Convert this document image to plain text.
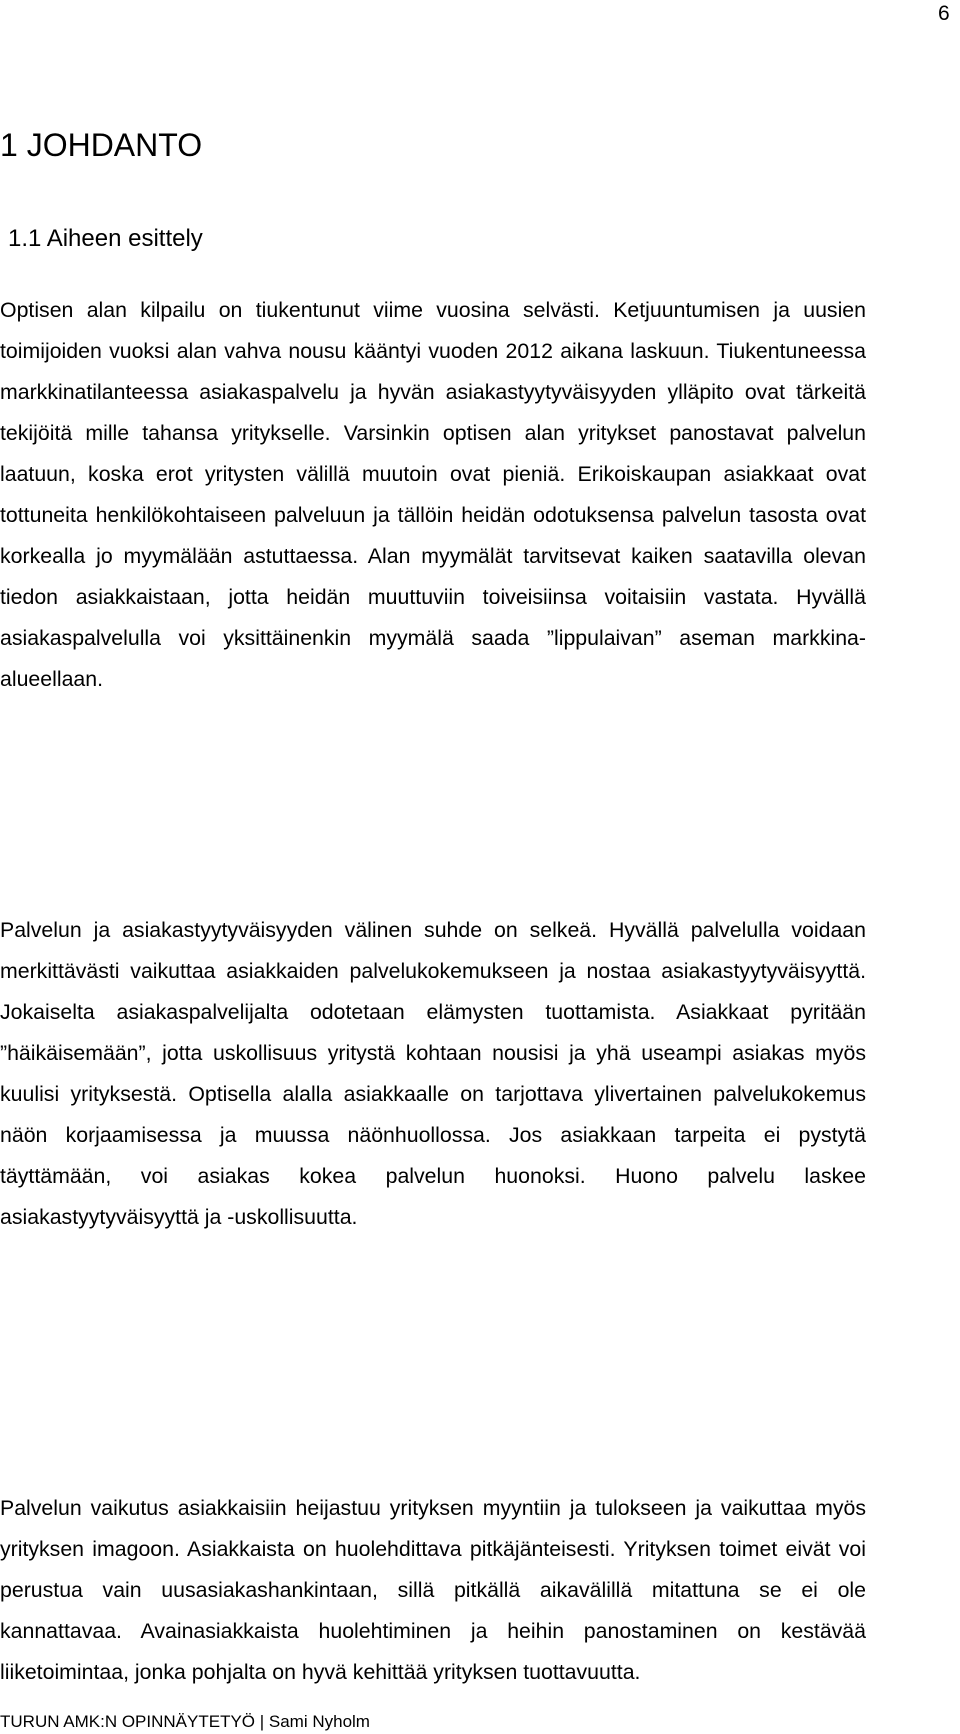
6
1 JOHDANTO
1.1 Aiheen esittely

Optisen alan kilpailu on tiukentunut viime vuosina selvästi. Ketjuuntumisen ja uusien toimijoiden vuoksi alan vahva nousu kääntyi vuoden 2012 aikana laskuun. Tiukentuneessa markkinatilanteessa asiakaspalvelu ja hyvän asiakastyytyväisyyden ylläpito ovat tärkeitä tekijöitä mille tahansa yritykselle. Varsinkin optisen alan yritykset panostavat palvelun laatuun, koska erot yritysten välillä muutoin ovat pieniä. Erikoiskaupan asiakkaat ovat tottuneita henkilökohtaiseen palveluun ja tällöin heidän odotuksensa palvelun tasosta ovat korkealla jo myymälään astuttaessa. Alan myymälät tarvitsevat kaiken saatavilla olevan tiedon asiakkaistaan, jotta heidän muuttuviin toiveisiinsa voitaisiin vastata. Hyvällä asiakaspalvelulla voi yksittäinenkin myymälä saada ”lippulaivan” aseman markkina-alueellaan.

Palvelun ja asiakastyytyväisyyden välinen suhde on selkeä. Hyvällä palvelulla voidaan merkittävästi vaikuttaa asiakkaiden palvelukokemukseen ja nostaa asiakastyytyväisyyttä. Jokaiselta asiakaspalvelijalta odotetaan elämysten tuottamista. Asiakkaat pyritään ”häikäisemään”, jotta uskollisuus yritystä kohtaan nousisi ja yhä useampi asiakas myös kuulisi yrityksestä. Optisella alalla asiakkaalle on tarjottava ylivertainen palvelukokemus näön korjaamisessa ja muussa näönhuollossa. Jos asiakkaan tarpeita ei pystytä täyttämään, voi asiakas kokea palvelun huonoksi. Huono palvelu laskee asiakastyytyväisyyttä ja -uskollisuutta.

Palvelun vaikutus asiakkaisiin heijastuu yrityksen myyntiin ja tulokseen ja vaikuttaa myös yrityksen imagoon. Asiakkaista on huolehdittava pitkäjänteisesti. Yrityksen toimet eivät voi perustua vain uusasiakashankintaan, sillä pitkällä aikavälillä mitattuna se ei ole kannattavaa. Avainasiakkaista huolehtiminen ja heihin panostaminen on kestävää liiketoimintaa, jonka pohjalta on hyvä kehittää yrityksen tuottavuutta.

TURUN AMK:N OPINNÄYTETYÖ | Sami Nyholm
